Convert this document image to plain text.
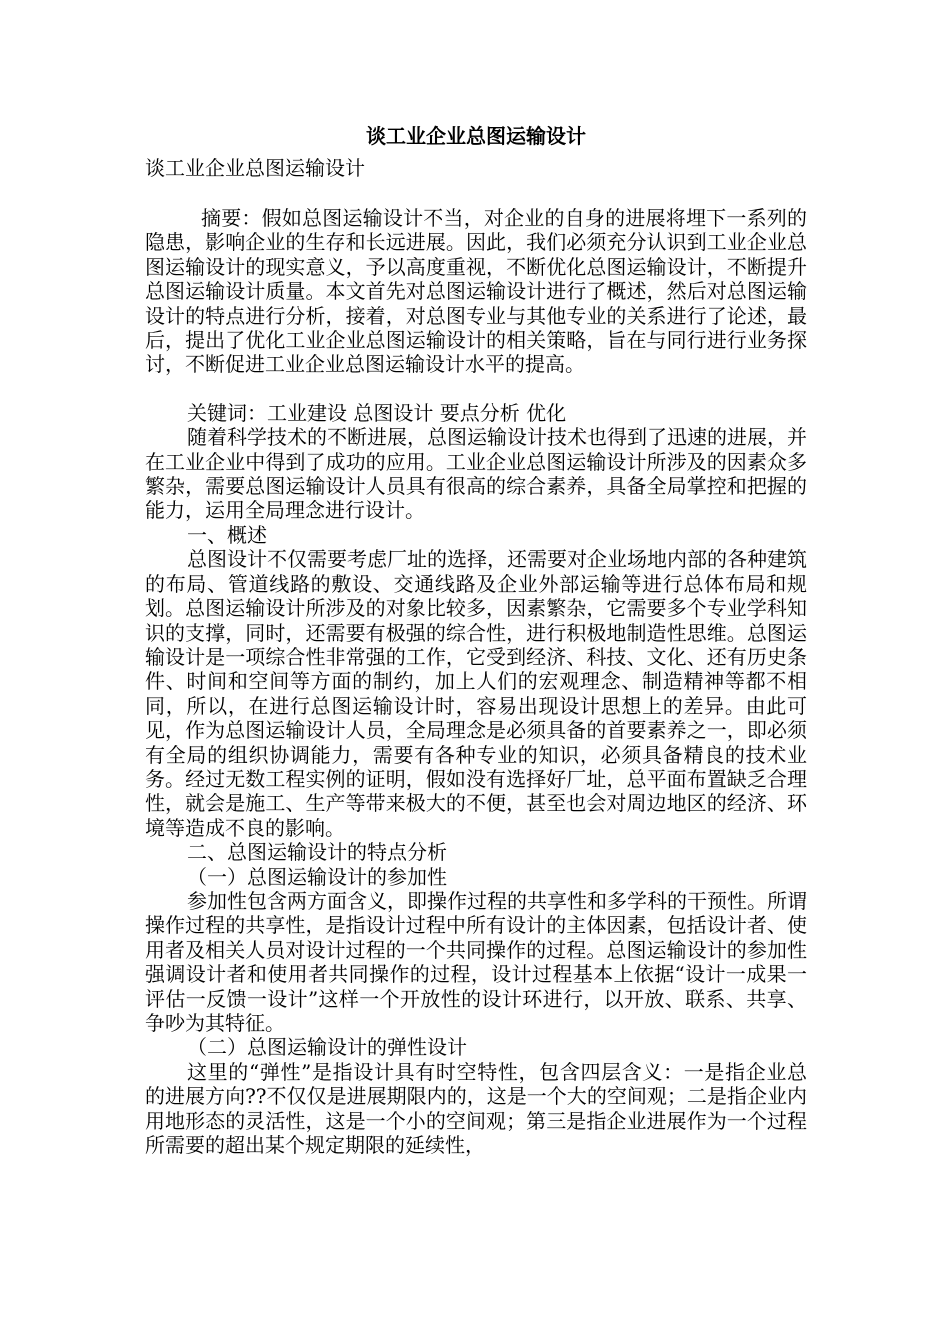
谈工业企业总图运输设计

谈工业企业总图运输设计

摘要：假如总图运输设计不当，对企业的自身的进展将埋下一系列的隐患，影响企业的生存和长远进展。因此，我们必须充分认识到工业企业总图运输设计的现实意义，予以高度重视，不断优化总图运输设计，不断提升总图运输设计质量。本文首先对总图运输设计进行了概述，然后对总图运输设计的特点进行分析，接着，对总图专业与其他专业的关系进行了论述，最后，提出了优化工业企业总图运输设计的相关策略，旨在与同行进行业务探讨，不断促进工业企业总图运输设计水平的提高。

关键词：工业建设 总图设计 要点分析 优化

随着科学技术的不断进展，总图运输设计技术也得到了迅速的进展，并在工业企业中得到了成功的应用。工业企业总图运输设计所涉及的因素众多繁杂，需要总图运输设计人员具有很高的综合素养，具备全局掌控和把握的能力，运用全局理念进行设计。

一、概述

总图设计不仅需要考虑厂址的选择，还需要对企业场地内部的各种建筑的布局、管道线路的敷设、交通线路及企业外部运输等进行总体布局和规划。总图运输设计所涉及的对象比较多，因素繁杂，它需要多个专业学科知识的支撑，同时，还需要有极强的综合性，进行积极地制造性思维。总图运输设计是一项综合性非常强的工作，它受到经济、科技、文化、还有历史条件、时间和空间等方面的制约，加上人们的宏观理念、制造精神等都不相同，所以，在进行总图运输设计时，容易出现设计思想上的差异。由此可见，作为总图运输设计人员，全局理念是必须具备的首要素养之一，即必须有全局的组织协调能力，需要有各种专业的知识，必须具备精良的技术业务。经过无数工程实例的证明，假如没有选择好厂址，总平面布置缺乏合理性，就会是施工、生产等带来极大的不便，甚至也会对周边地区的经济、环境等造成不良的影响。

二、总图运输设计的特点分析

（一）总图运输设计的参加性

参加性包含两方面含义，即操作过程的共享性和多学科的干预性。所谓操作过程的共享性，是指设计过程中所有设计的主体因素，包括设计者、使用者及相关人员对设计过程的一个共同操作的过程。总图运输设计的参加性强调设计者和使用者共同操作的过程，设计过程基本上依据“设计一成果一评估一反馈一设计”这样一个开放性的设计环进行，以开放、联系、共享、争吵为其特征。

（二）总图运输设计的弹性设计

这里的“弹性”是指设计具有时空特性，包含四层含义：一是指企业总的进展方向??不仅仅是进展期限内的，这是一个大的空间观；二是指企业内用地形态的灵活性，这是一个小的空间观；第三是指企业进展作为一个过程所需要的超出某个规定期限的延续性，
